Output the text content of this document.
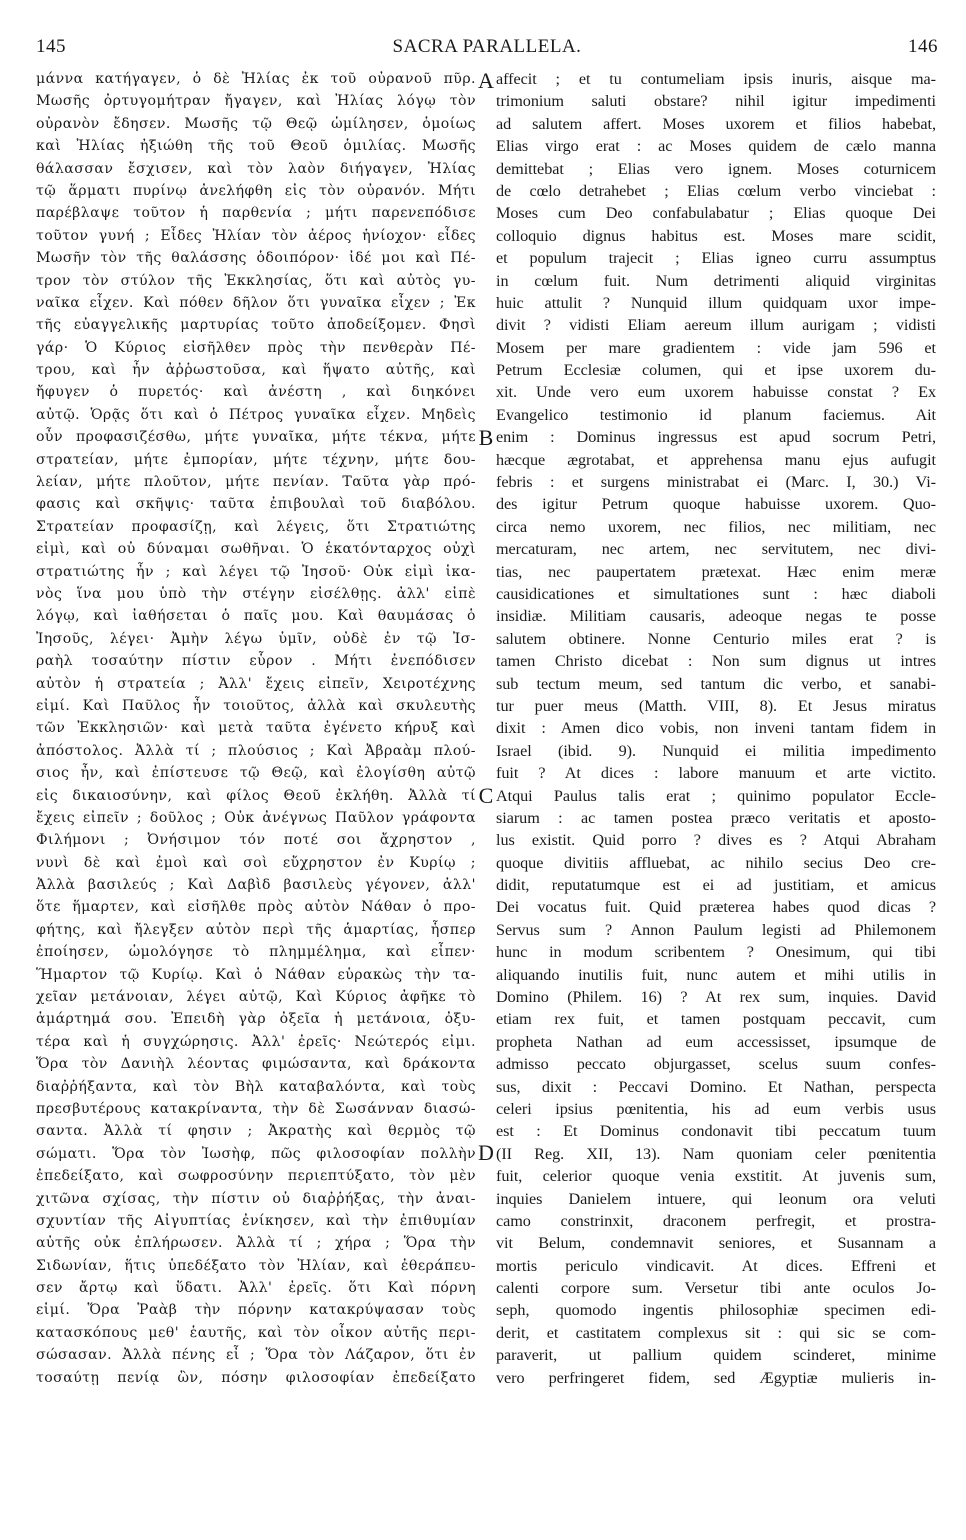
145	SACRA PARALLELA.	146
μάννα κατήγαγεν, ὁ δὲ Ἠλίας ἐκ τοῦ οὐρανοῦ πῦρ.
Μωσῆς ὀρτυγομήτραν ἤγαγεν, καὶ Ἠλίας λόγῳ τὸν
οὐρανὸν ἔδησεν. Μωσῆς τῷ Θεῷ ὡμίλησεν, ὁμοίως
καὶ Ἠλίας ἠξιώθη τῆς τοῦ Θεοῦ ὁμιλίας. Μωσῆς
θάλασσαν ἔσχισεν, καὶ τὸν λαὸν διήγαγεν, Ἠλίας
τῷ ἅρματι πυρίνῳ ἀνελήφθη εἰς τὸν οὐρανόν. Μήτι
παρέβλαψε τοῦτον ἡ παρθενία ; μήτι παρενεπόδισε
τοῦτον γυνή ; Εἶδες Ἠλίαν τὸν ἀέρος ἡνίοχον· εἶδες
Μωσῆν τὸν τῆς θαλάσσης ὁδοιπόρον· ἰδέ μοι καὶ Πέ-
τρον τὸν στύλον τῆς Ἐκκλησίας, ὅτι καὶ αὐτὸς γυ-
ναῖκα εἶχεν. Καὶ πόθεν δῆλον ὅτι γυναῖκα εἶχεν ; Ἐκ
τῆς εὐαγγελικῆς μαρτυρίας τοῦτο ἀποδείξομεν. Φησὶ
γάρ· Ὁ Κύριος εἰσῆλθεν πρὸς τὴν πενθερὰν Πέ-
τρου, καὶ ἦν ἀῤῥωστοῦσα, καὶ ἥψατο αὐτῆς, καὶ
ἤφυγεν ὁ πυρετός· καὶ ἀνέστη , καὶ διηκόνει
αὐτῷ. Ὁρᾷς ὅτι καὶ ὁ Πέτρος γυναῖκα εἶχεν. Μηδεὶς
οὖν προφασιζέσθω, μήτε γυναῖκα, μήτε τέκνα, μήτε
στρατείαν, μήτε ἐμπορίαν, μήτε τέχνην, μήτε δου-
λείαν, μήτε πλοῦτον, μήτε πενίαν. Ταῦτα γὰρ πρό-
φασις καὶ σκῆψις· ταῦτα ἐπιβουλαὶ τοῦ διαβόλου.
Στρατείαν προφασίζῃ, καὶ λέγεις, ὅτι Στρατιώτης
εἰμὶ, καὶ οὐ δύναμαι σωθῆναι. Ὁ ἑκατόνταρχος οὐχὶ
στρατιώτης ἦν ; καὶ λέγει τῷ Ἰησοῦ· Οὐκ εἰμὶ ἱκα-
νὸς ἵνα μου ὑπὸ τὴν στέγην εἰσέλθῃς. ἀλλ' εἰπὲ
λόγῳ, καὶ ἰαθήσεται ὁ παῖς μου. Καὶ θαυμάσας ὁ
Ἰησοῦς, λέγει· Ἀμὴν λέγω ὑμῖν, οὐδὲ ἐν τῷ Ἰσ-
ραὴλ τοσαύτην πίστιν εὗρον . Μήτι ἐνεπόδισεν
αὐτὸν ἡ στρατεία ; Ἀλλ' ἔχεις εἰπεῖν, Χειροτέχνης
εἰμί. Καὶ Παῦλος ἦν τοιοῦτος, ἀλλὰ καὶ σκυλευτὴς
τῶν Ἐκκλησιῶν· καὶ μετὰ ταῦτα ἐγένετο κήρυξ καὶ
ἀπόστολος. Ἀλλὰ τί ; πλούσιος ; Καὶ Ἀβραὰμ πλού-
σιος ἦν, καὶ ἐπίστευσε τῷ Θεῷ, καὶ ἐλογίσθη αὐτῷ
εἰς δικαιοσύνην, καὶ φίλος Θεοῦ ἐκλήθη. Ἀλλὰ τί
ἔχεις εἰπεῖν ; δοῦλος ; Οὐκ ἀνέγνως Παῦλον γράφοντα
Φιλήμονι ; Ὀνήσιμον τόν ποτέ σοι ἄχρηστον ,
νυνὶ δὲ καὶ ἐμοὶ καὶ σοὶ εὔχρηστον ἐν Κυρίῳ ;
Ἀλλὰ βασιλεύς ; Καὶ Δαβὶδ βασιλεὺς γέγονεν, ἀλλ'
ὅτε ἥμαρτεν, καὶ εἰσῆλθε πρὸς αὐτὸν Νάθαν ὁ προ-
φήτης, καὶ ἤλεγξεν αὐτὸν περὶ τῆς ἁμαρτίας, ἧσπερ
ἐποίησεν, ὡμολόγησε τὸ πλημμέλημα, καὶ εἶπεν·
Ἥμαρτον τῷ Κυρίῳ. Καὶ ὁ Νάθαν εὑρακὼς τὴν τα-
χεῖαν μετάνοιαν, λέγει αὐτῷ, Καὶ Κύριος ἀφῆκε τὸ
ἁμάρτημά σου. Ἐπειδὴ γὰρ ὀξεῖα ἡ μετάνοια, ὀξυ-
τέρα καὶ ἡ συγχώρησις. Ἀλλ' ἐρεῖς· Νεώτερός εἰμι.
Ὅρα τὸν Δανιὴλ λέοντας φιμώσαντα, καὶ δράκοντα
διαῤῥήξαντα, καὶ τὸν Βὴλ καταβαλόντα, καὶ τοὺς
πρεσβυτέρους κατακρίναντα, τὴν δὲ Σωσάνναν διασώ-
σαντα. Ἀλλὰ τί φησιν ; Ἀκρατὴς καὶ θερμὸς τῷ
σώματι. Ὅρα τὸν Ἰωσὴφ, πῶς φιλοσοφίαν πολλὴν
ἐπεδείξατο, καὶ σωφροσύνην περιεπτύξατο, τὸν μὲν
χιτῶνα σχίσας, τὴν πίστιν οὐ διαῤῥήξας, τὴν ἀναι-
σχυντίαν τῆς Αἰγυπτίας ἐνίκησεν, καὶ τὴν ἐπιθυμίαν
αὐτῆς οὐκ ἐπλήρωσεν. Ἀλλὰ τί ; χήρα ; Ὅρα τὴν
Σιδωνίαν, ἥτις ὑπεδέξατο τὸν Ἠλίαν, καὶ ἐθεράπευ-
σεν ἄρτῳ καὶ ὕδατι. Ἀλλ' ἐρεῖς. ὅτι Καὶ πόρνη
εἰμί. Ὅρα Ῥαὰβ τὴν πόρνην κατακρύψασαν τοὺς
κατασκόπους μεθ' ἑαυτῆς, καὶ τὸν οἶκον αὐτῆς περι-
σώσασαν. Ἀλλὰ πένης εἶ ; Ὅρα τὸν Λάζαρον, ὅτι ἐν
τοσαύτῃ πενίᾳ ὢν, πόσην φιλοσοφίαν ἐπεδείξατο
affecit ; et tu contumeliam ipsis inuris, aisque ma-
trimonium saluti obstare? nihil igitur impedimenti
ad salutem affert. Moses uxorem et filios habebat,
Elias virgo erat : ac Moses quidem de cælo manna
demittebat ; Elias vero ignem. Moses coturnicem
de cœlo detrahebet ; Elias cœlum verbo vinciebat :
Moses cum Deo confabulabatur ; Elias quoque Dei
colloquio dignus habitus est. Moses mare scidit,
et populum trajecit ; Elias igneo curru assumptus
in cœlum fuit. Num detrimenti aliquid virginitas
huic attulit ? Nunquid illum quidquam uxor impe-
divit ? vidisti Eliam aereum illum aurigam ; vidisti
Mosem per mare gradientem : vide jam 596 et
Petrum Ecclesiæ columen, qui et ipse uxorem du-
xit. Unde vero eum uxorem habuisse constat ? Ex
Evangelico testimonio id planum faciemus. Ait
enim : Dominus ingressus est apud socrum Petri,
hæcque ægrotabat, et apprehensa manu ejus aufugit
febris : et surgens ministrabat ei (Marc. I, 30.) Vi-
des igitur Petrum quoque habuisse uxorem. Quo-
circa nemo uxorem, nec filios, nec militiam, nec
mercaturam, nec artem, nec servitutem, nec divi-
tias, nec paupertatem prætexat. Hæc enim meræ
causidicationes et simultationes sunt : hæc diaboli
insidiæ. Militiam causaris, adeoque negas te posse
salutem obtinere. Nonne Centurio miles erat ? is
tamen Christo dicebat : Non sum dignus ut intres
sub tectum meum, sed tantum dic verbo, et sanabi-
tur puer meus (Matth. VIII, 8). Et Jesus miratus
dixit : Amen dico vobis, non inveni tantam fidem in
Israel (ibid. 9). Nunquid ei militia impedimento
fuit ? At dices : labore manuum et arte victito.
Atqui Paulus talis erat ; quinimo populator Eccle-
siarum : ac tamen postea præco veritatis et aposto-
lus existit. Quid porro ? dives es ? Atqui Abraham
quoque divitiis affluebat, ac nihilo secius Deo cre-
didit, reputatumque est ei ad justitiam, et amicus
Dei vocatus fuit. Quid præterea habes quod dicas ?
Servus sum ? Annon Paulum legisti ad Philemonem
hunc in modum scribentem ? Onesimum, qui tibi
aliquando inutilis fuit, nunc autem et mihi utilis in
Domino (Philem. 16) ? At rex sum, inquies. David
etiam rex fuit, et tamen postquam peccavit, cum
propheta Nathan ad eum accessisset, ipsumque de
admisso peccato objurgasset, scelus suum confes-
sus, dixit : Peccavi Domino. Et Nathan, perspecta
celeri ipsius pœnitentia, his ad eum verbis usus
est : Et Dominus condonavit tibi peccatum tuum
(II Reg. XII, 13). Nam quoniam celer pœnitentia
fuit, celerior quoque venia exstitit. At juvenis sum,
inquies Danielem intuere, qui leonum ora veluti
camo constrinxit, draconem perfregit, et prostra-
vit Belum, condemnavit seniores, et Susannam a
mortis periculo vindicavit. At dices. Effreni et
calenti corpore sum. Versetur tibi ante oculos Jo-
seph, quomodo ingentis philosophiæ specimen edi-
derit, et castitatem complexus sit : qui sic se com-
paraverit, ut pallium quidem scinderet, minime
vero perfringeret fidem, sed Ægyptiæ mulieris in-
A
B
C
D
